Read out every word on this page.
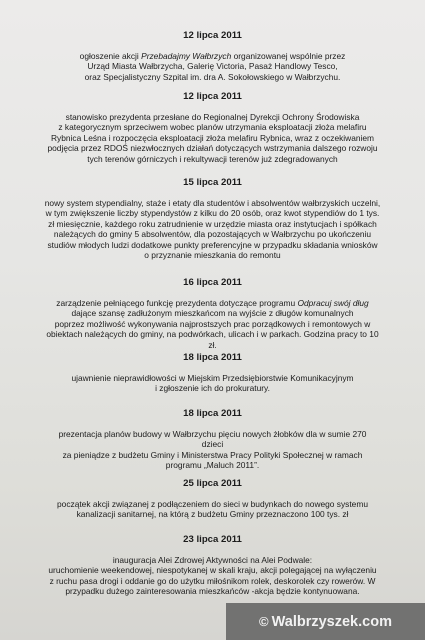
12 lipca 2011

ogłoszenie akcji Przebadajmy Wałbrzych organizowanej wspólnie przez

Urząd Miasta Wałbrzycha, Galerię Victoria, Pasaż Handlowy Tesco,

oraz Specjalistyczny Szpital im. dra A. Sokołowskiego w Wałbrzychu.

12 lipca 2011

stanowisko prezydenta przesłane do Regionalnej Dyrekcji Ochrony Środowiska

z kategorycznym sprzeciwem wobec planów utrzymania eksploatacji złoża melafiru

Rybnica Leśna i rozpoczęcia eksploatacji złoża melafiru Rybnica, wraz z oczekiwaniem

podjęcia przez RDOŚ niezwłocznych działań dotyczących wstrzymania dalszego rozwoju

tych terenów górniczych i rekultywacji terenów już zdegradowanych

15 lipca 2011

nowy system stypendialny, staże i etaty dla studentów i absolwentów wałbrzyskich uczelni,

w tym zwiększenie liczby stypendystów z kilku do 20 osób, oraz kwot stypendiów do 1 tys.

zł miesięcznie, każdego roku zatrudnienie w urzędzie miasta oraz instytucjach i spółkach

należących do gminy 5 absolwentów, dla pozostających w Wałbrzychu po ukończeniu

studiów młodych ludzi dodatkowe punkty preferencyjne w przypadku składania wniosków

o przyznanie mieszkania do remontu

16 lipca 2011

zarządzenie pełniącego funkcję prezydenta dotyczące programu Odpracuj swój dług

dające szansę zadłużonym mieszkańcom na wyjście z długów komunalnych

poprzez możliwość wykonywania najprostszych prac porządkowych i remontowych w

obiektach należących do gminy, na podwórkach, ulicach i w parkach. Godzina pracy to 10

zł.

18 lipca 2011

ujawnienie nieprawidłowości w Miejskim Przedsiębiorstwie Komunikacyjnym

i zgłoszenie ich do prokuratury.

18 lipca 2011

prezentacja planów budowy w Wałbrzychu pięciu nowych żłobków dla w sumie 270

dzieci

za pieniądze z budżetu Gminy i Ministerstwa Pracy Polityki Społecznej w ramach

programu „Maluch 2011”.

25 lipca 2011

początek akcji związanej z podłączeniem do sieci w budynkach do nowego systemu

kanalizacji sanitarnej, na którą z budżetu Gminy przeznaczono 100 tys. zł

23 lipca 2011

inauguracja Alei Zdrowej Aktywności na Alei Podwale:

uruchomienie weekendowej, niespotykanej w skali kraju, akcji polegającej na wyłączeniu

z ruchu pasa drogi i oddanie go do użytku miłośnikom rolek, deskorolek czy rowerów. W

przypadku dużego zainteresowania mieszkańców -akcja będzie kontynuowana.

© Walbrzyszek.com
